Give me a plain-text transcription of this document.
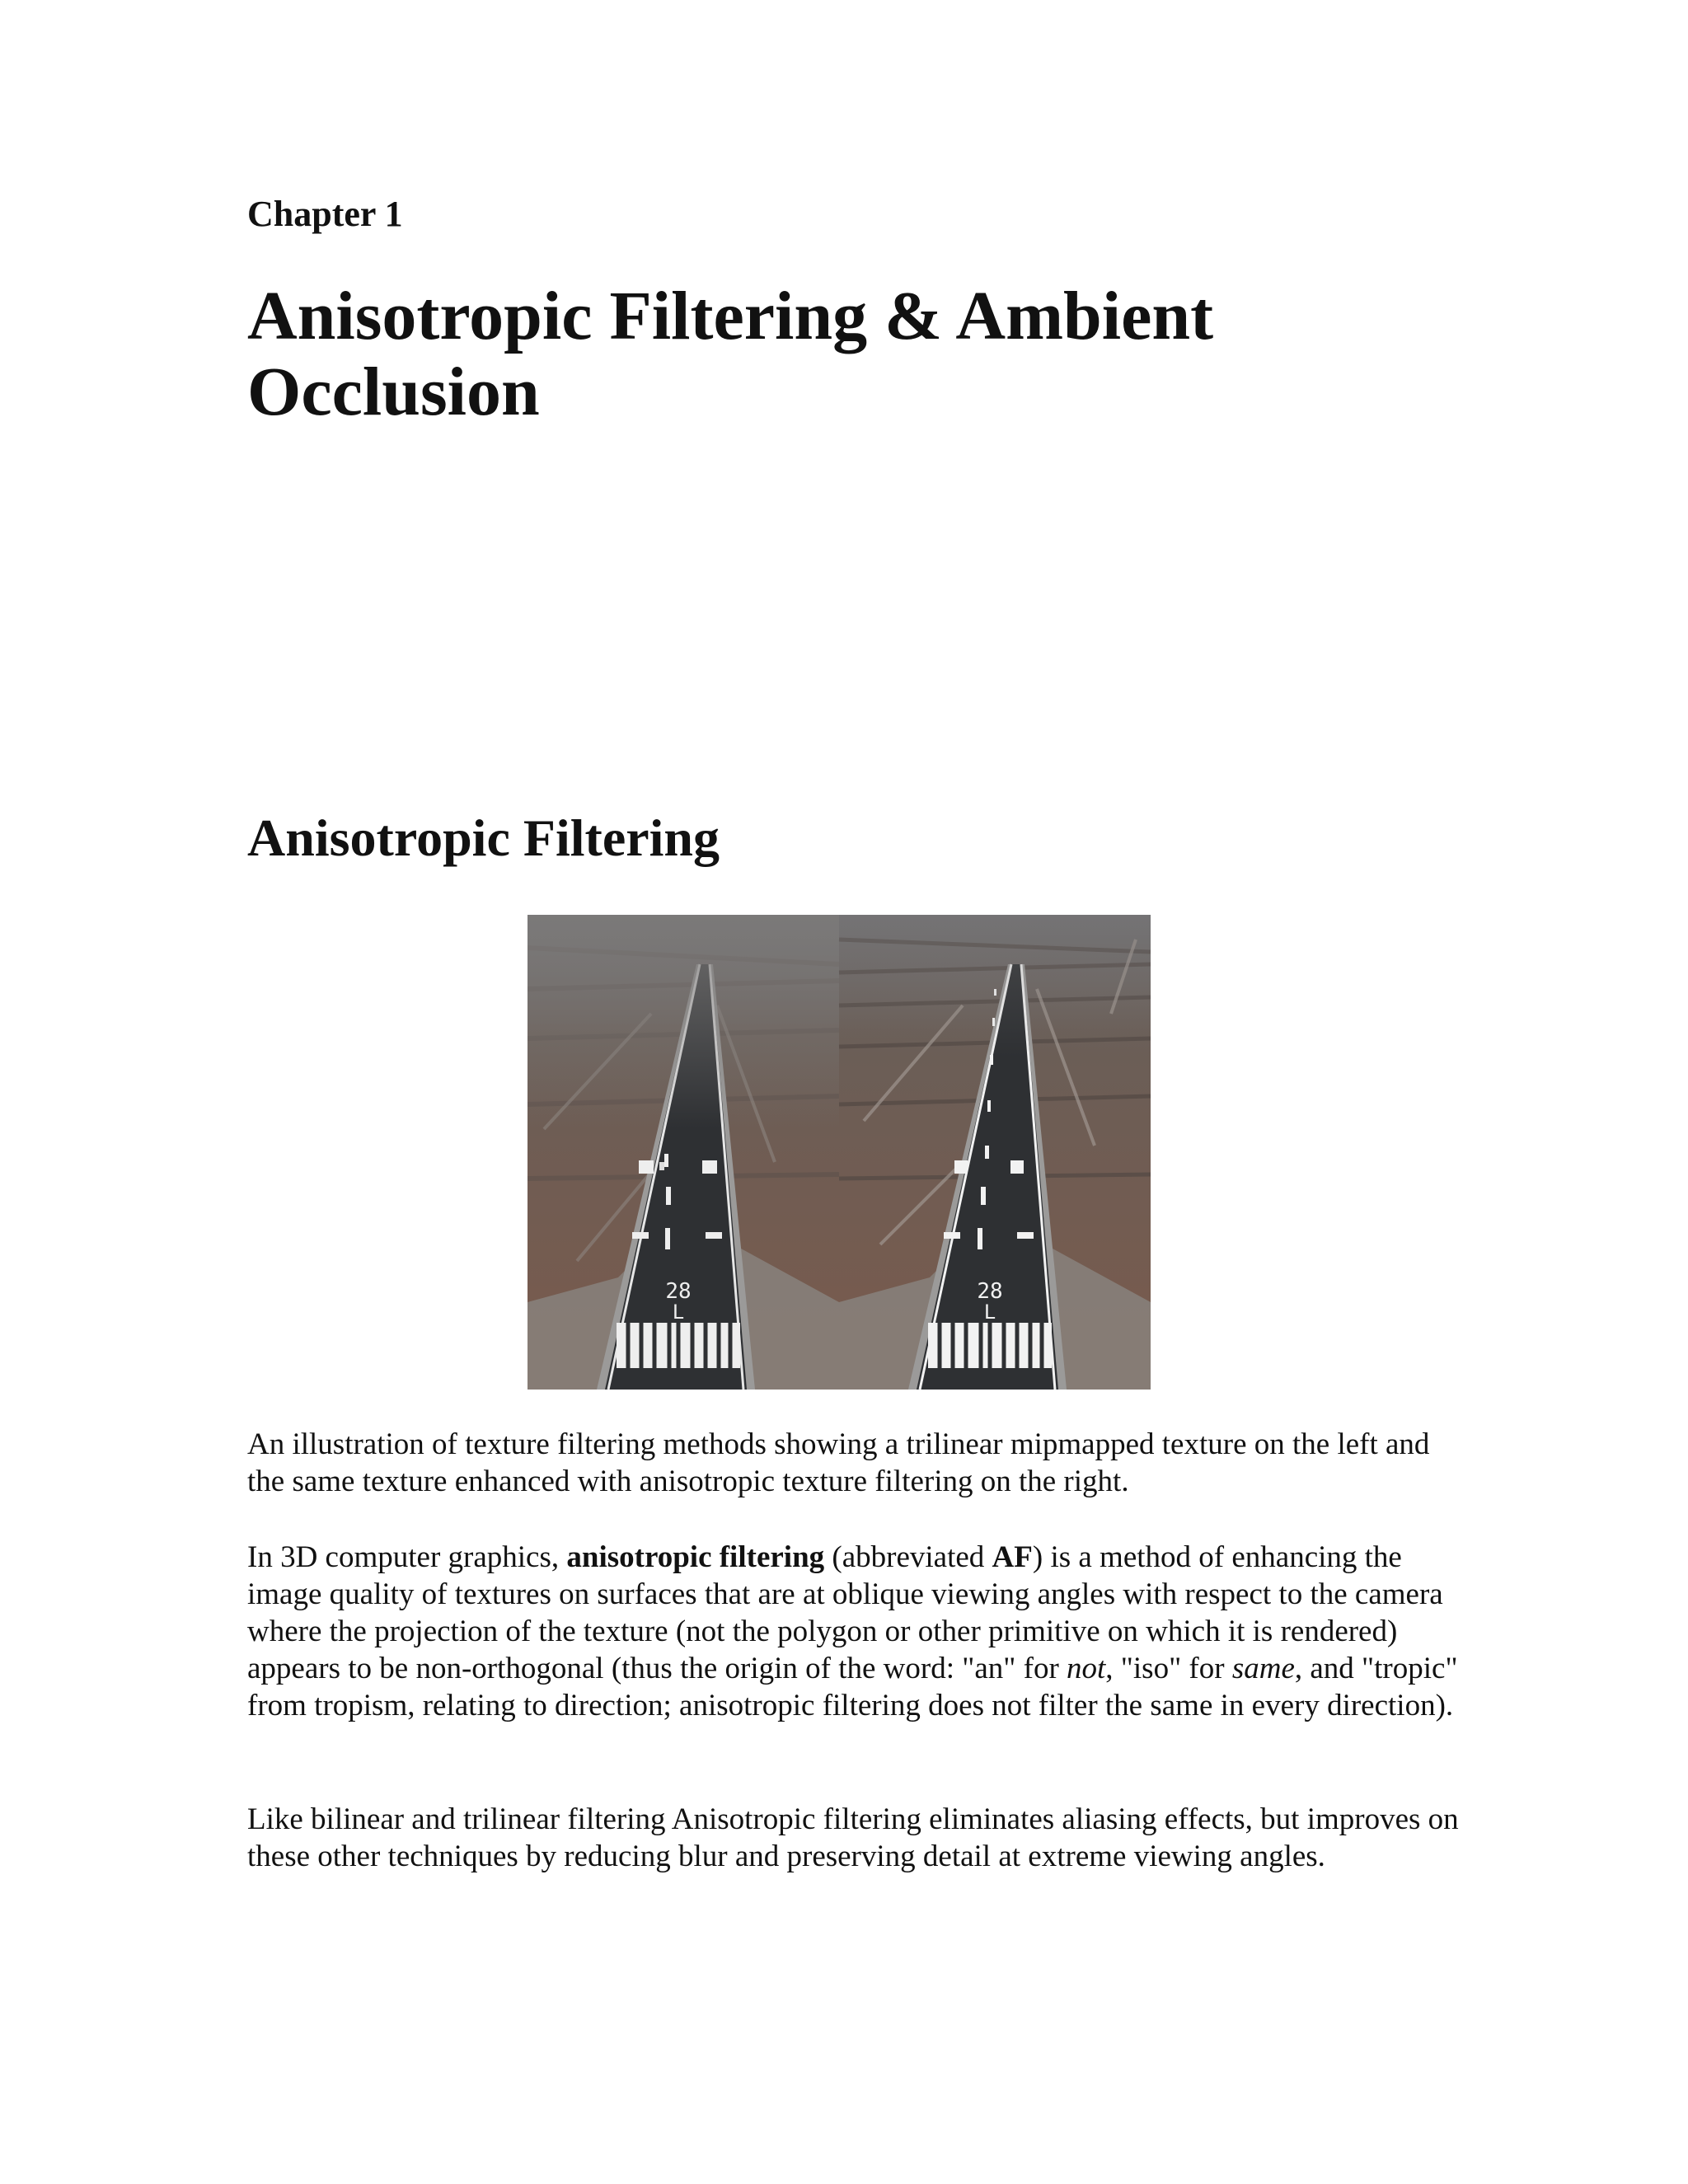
Chapter 1
Anisotropic Filtering & Ambient Occlusion
Anisotropic Filtering

An illustration of texture filtering methods showing a trilinear mipmapped texture on the left and the same texture enhanced with anisotropic texture filtering on the right.

In 3D computer graphics, anisotropic filtering (abbreviated AF) is a method of enhancing the image quality of textures on surfaces that are at oblique viewing angles with respect to the camera where the projection of the texture (not the polygon or other primitive on which it is rendered) appears to be non-orthogonal (thus the origin of the word: "an" for not, "iso" for same, and "tropic" from tropism, relating to direction; anisotropic filtering does not filter the same in every direction).

Like bilinear and trilinear filtering Anisotropic filtering eliminates aliasing effects, but improves on these other techniques by reducing blur and preserving detail at extreme viewing angles.
